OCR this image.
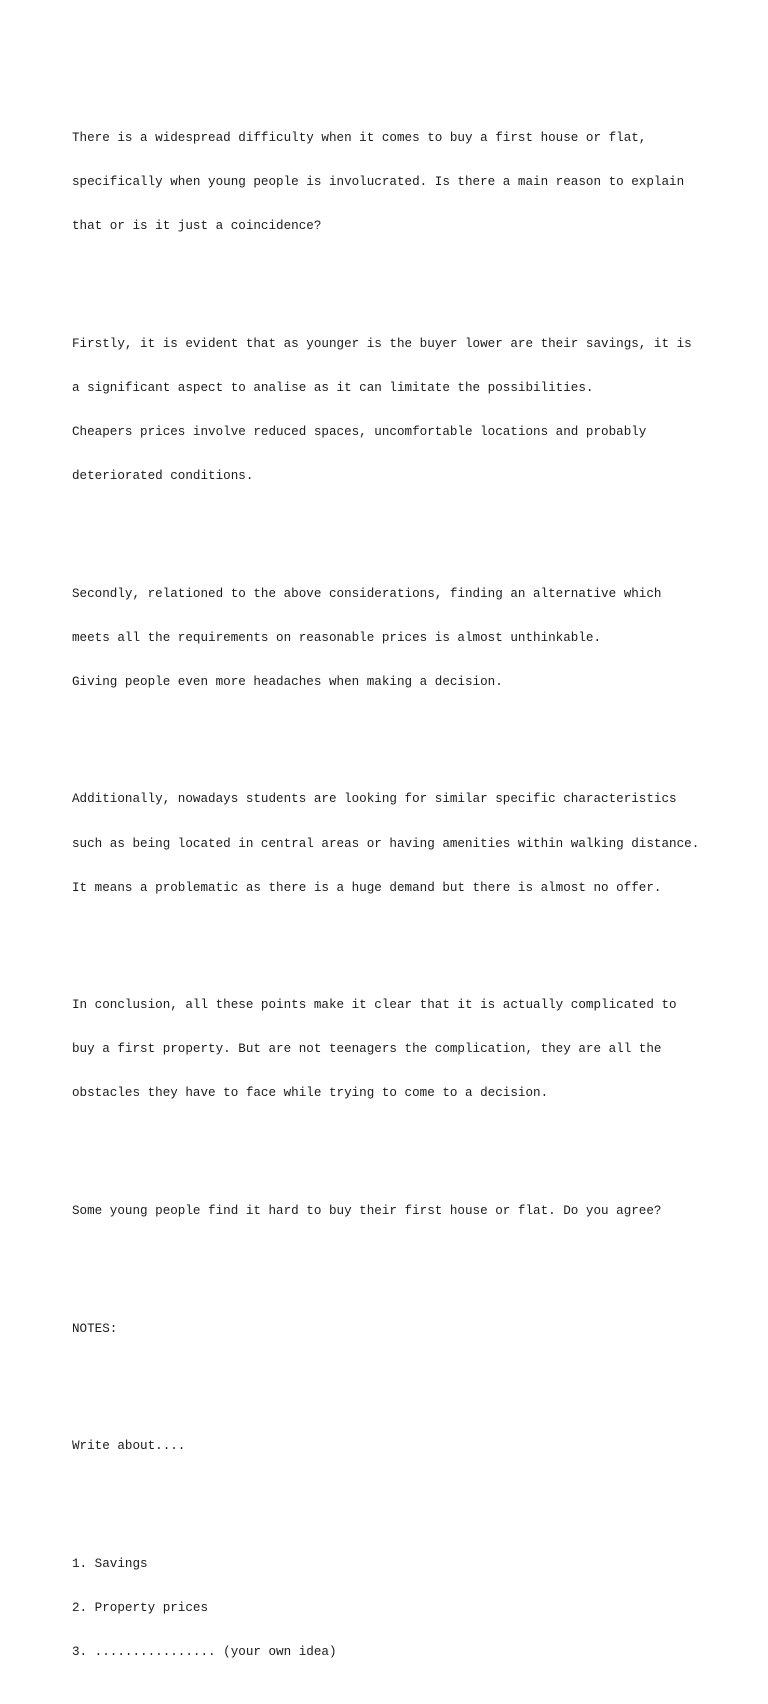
There is a widespread difficulty when it comes to buy a first house or flat,

specifically when young people is involucrated. Is there a main reason to explain

that or is it just a coincidence?

Firstly, it is evident that as younger is the buyer lower are their savings, it is

a significant aspect to analise as it can limitate the possibilities.

Cheapers prices involve reduced spaces, uncomfortable locations and probably

deteriorated conditions.

Secondly, relationed to the above considerations, finding an alternative which

meets all the requirements on reasonable prices is almost unthinkable.

Giving people even more headaches when making a decision.

Additionally, nowadays students are looking for similar specific characteristics

such as being located in central areas or having amenities within walking distance.

It means a problematic as there is a huge demand but there is almost no offer.

In conclusion, all these points make it clear that it is actually complicated to

buy a first property. But are not teenagers the complication, they are all the

obstacles they have to face while trying to come to a decision.

Some young people find it hard to buy their first house or flat. Do you agree?

NOTES:

Write about....

1. Savings

2. Property prices

3. ................ (your own idea)
